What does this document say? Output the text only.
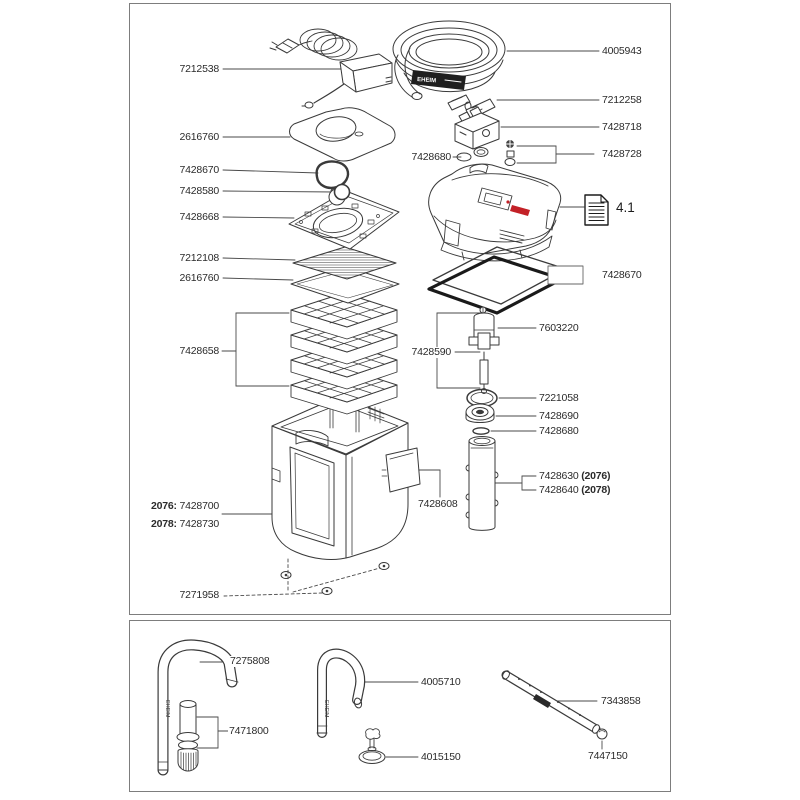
EHEIM
EHEIM	EHEIM
7212538
2616760
7428670
7428580
7428668
7212108
2616760
7428658
2076: 7428700
2078: 7428730
7271958
7428680
7428590
7428608
4005943
7212258
7428718
7428728
7428670
4.1
7603220
7221058
7428690
7428680
7428630 (2076)
7428640 (2078)
7275808
7471800
4005710
4015150
7343858
7447150
